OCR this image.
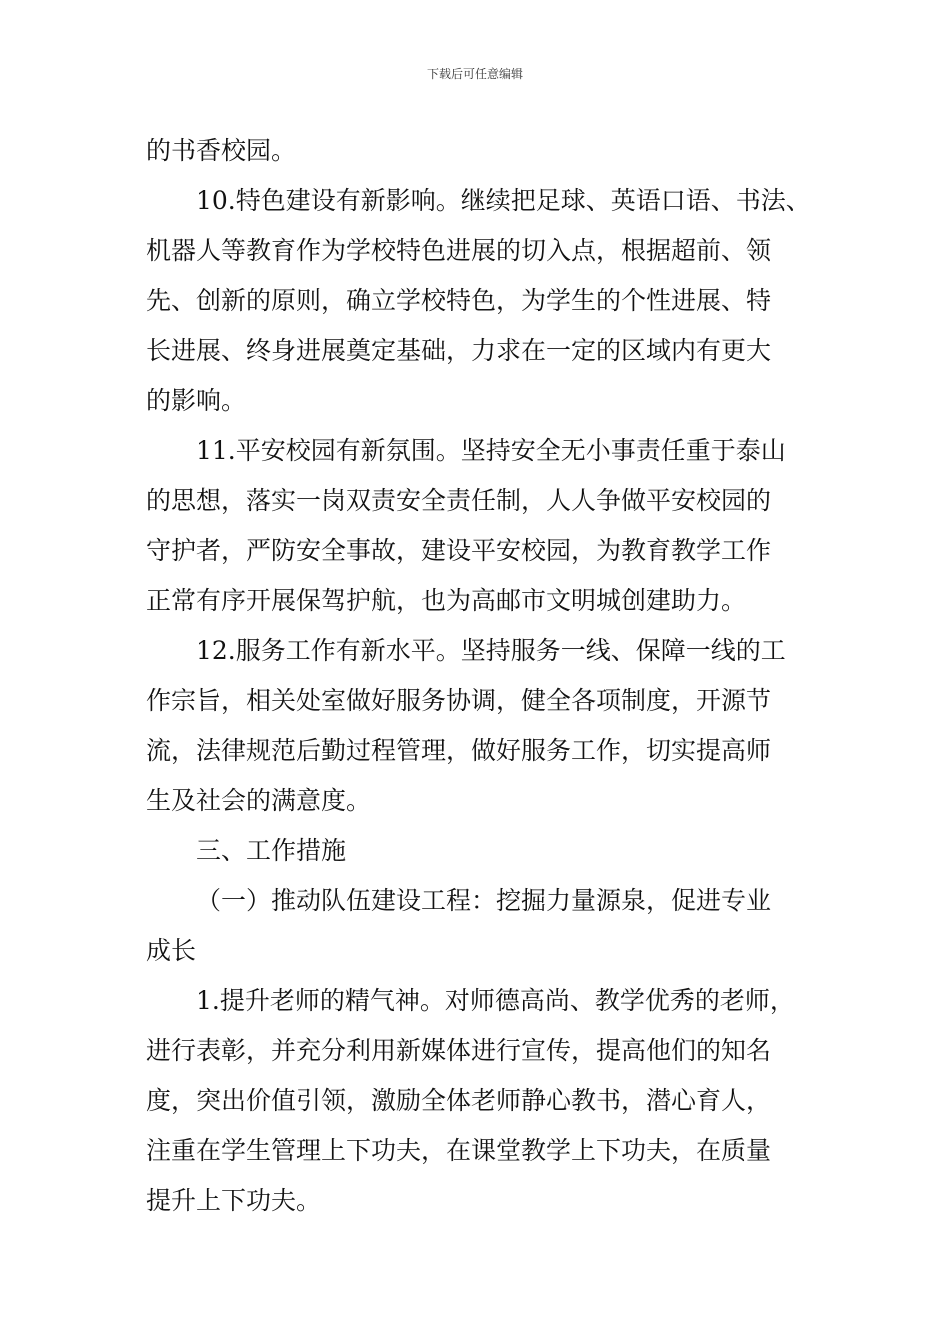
下载后可任意编辑
的书香校园。
10.特色建设有新影响。继续把足球、英语口语、书法、
机器人等教育作为学校特色进展的切入点，根据超前、领
先、创新的原则，确立学校特色，为学生的个性进展、特
长进展、终身进展奠定基础，力求在一定的区域内有更大
的影响。
11.平安校园有新氛围。坚持安全无小事责任重于泰山
的思想，落实一岗双责安全责任制，人人争做平安校园的
守护者，严防安全事故，建设平安校园，为教育教学工作
正常有序开展保驾护航，也为高邮市文明城创建助力。
12.服务工作有新水平。坚持服务一线、保障一线的工
作宗旨，相关处室做好服务协调，健全各项制度，开源节
流，法律规范后勤过程管理，做好服务工作，切实提高师
生及社会的满意度。
三、工作措施
（一）推动队伍建设工程：挖掘力量源泉，促进专业
成长
1.提升老师的精气神。对师德高尚、教学优秀的老师，
进行表彰，并充分利用新媒体进行宣传，提高他们的知名
度，突出价值引领，激励全体老师静心教书，潜心育人，
注重在学生管理上下功夫，在课堂教学上下功夫，在质量
提升上下功夫。
